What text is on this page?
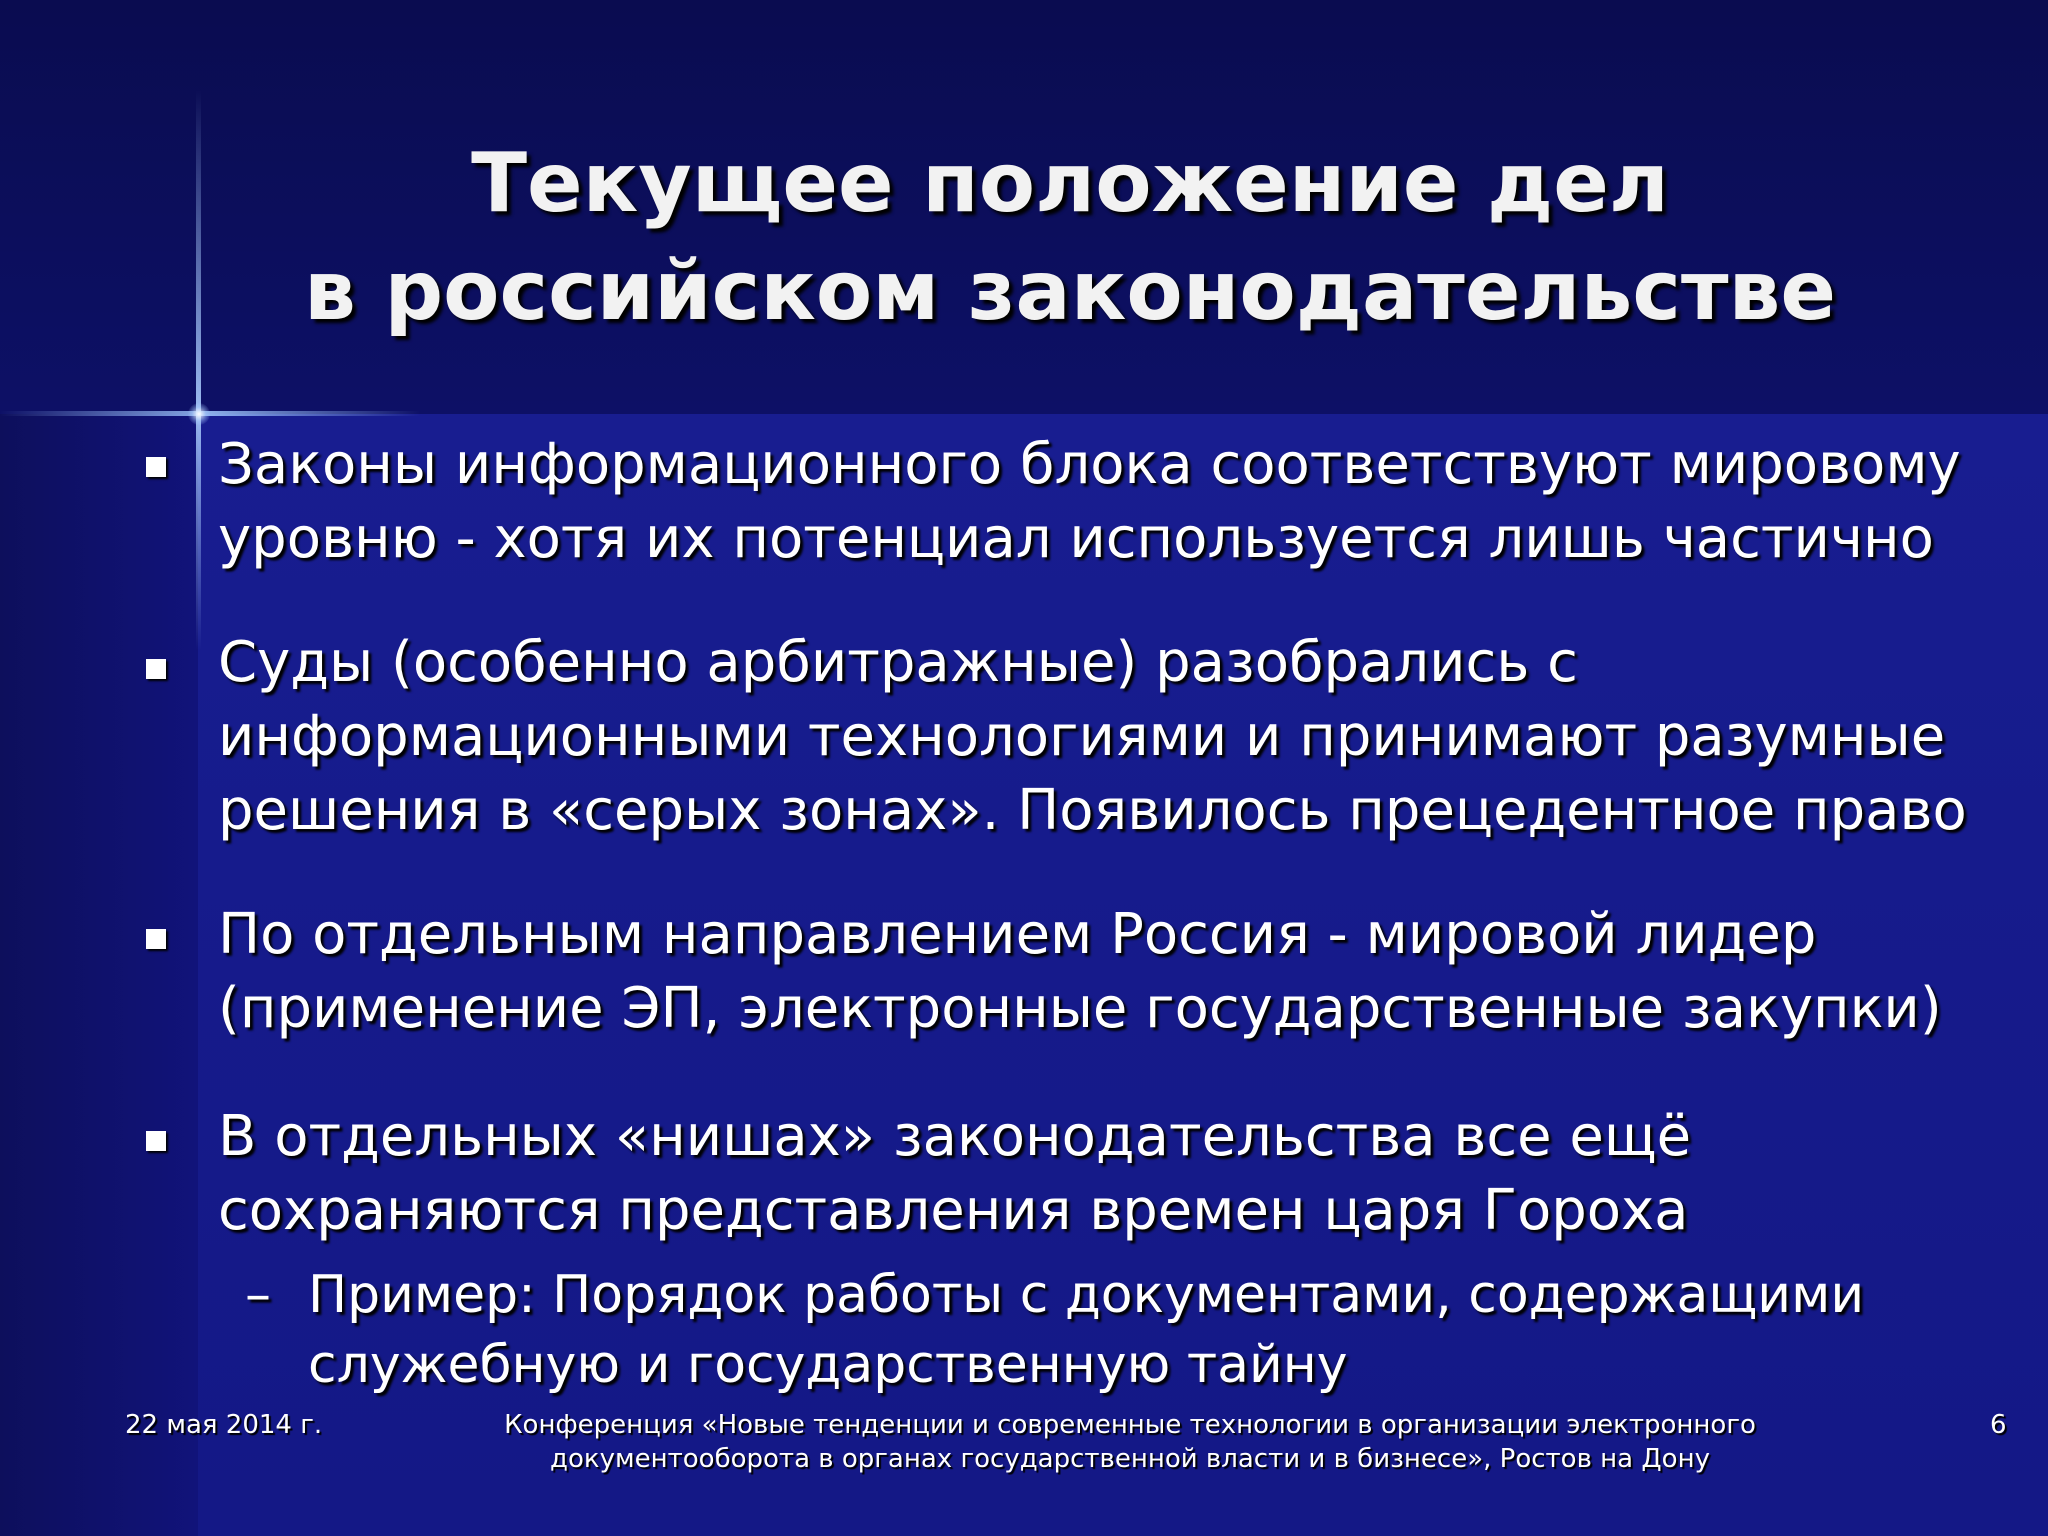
Текущее положение дел
в российском законодательстве
Законы информационного блока соответствуют мировому
уровню - хотя их потенциал используется лишь частично
Суды (особенно арбитражные) разобрались с
информационными технологиями и принимают разумные
решения в «серых зонах». Появилось прецедентное право
По отдельным направлением Россия - мировой лидер
(применение ЭП, электронные государственные закупки)
В отдельных «нишах» законодательства все ещё
сохраняются представления времен царя Гороха
– Пример: Порядок работы с документами, содержащими
служебную и государственную тайну
22 мая 2014 г.	Конференция «Новые тенденции и современные технологии в организации электронного
документооборота в органах государственной власти и в бизнесе», Ростов на Дону
6
